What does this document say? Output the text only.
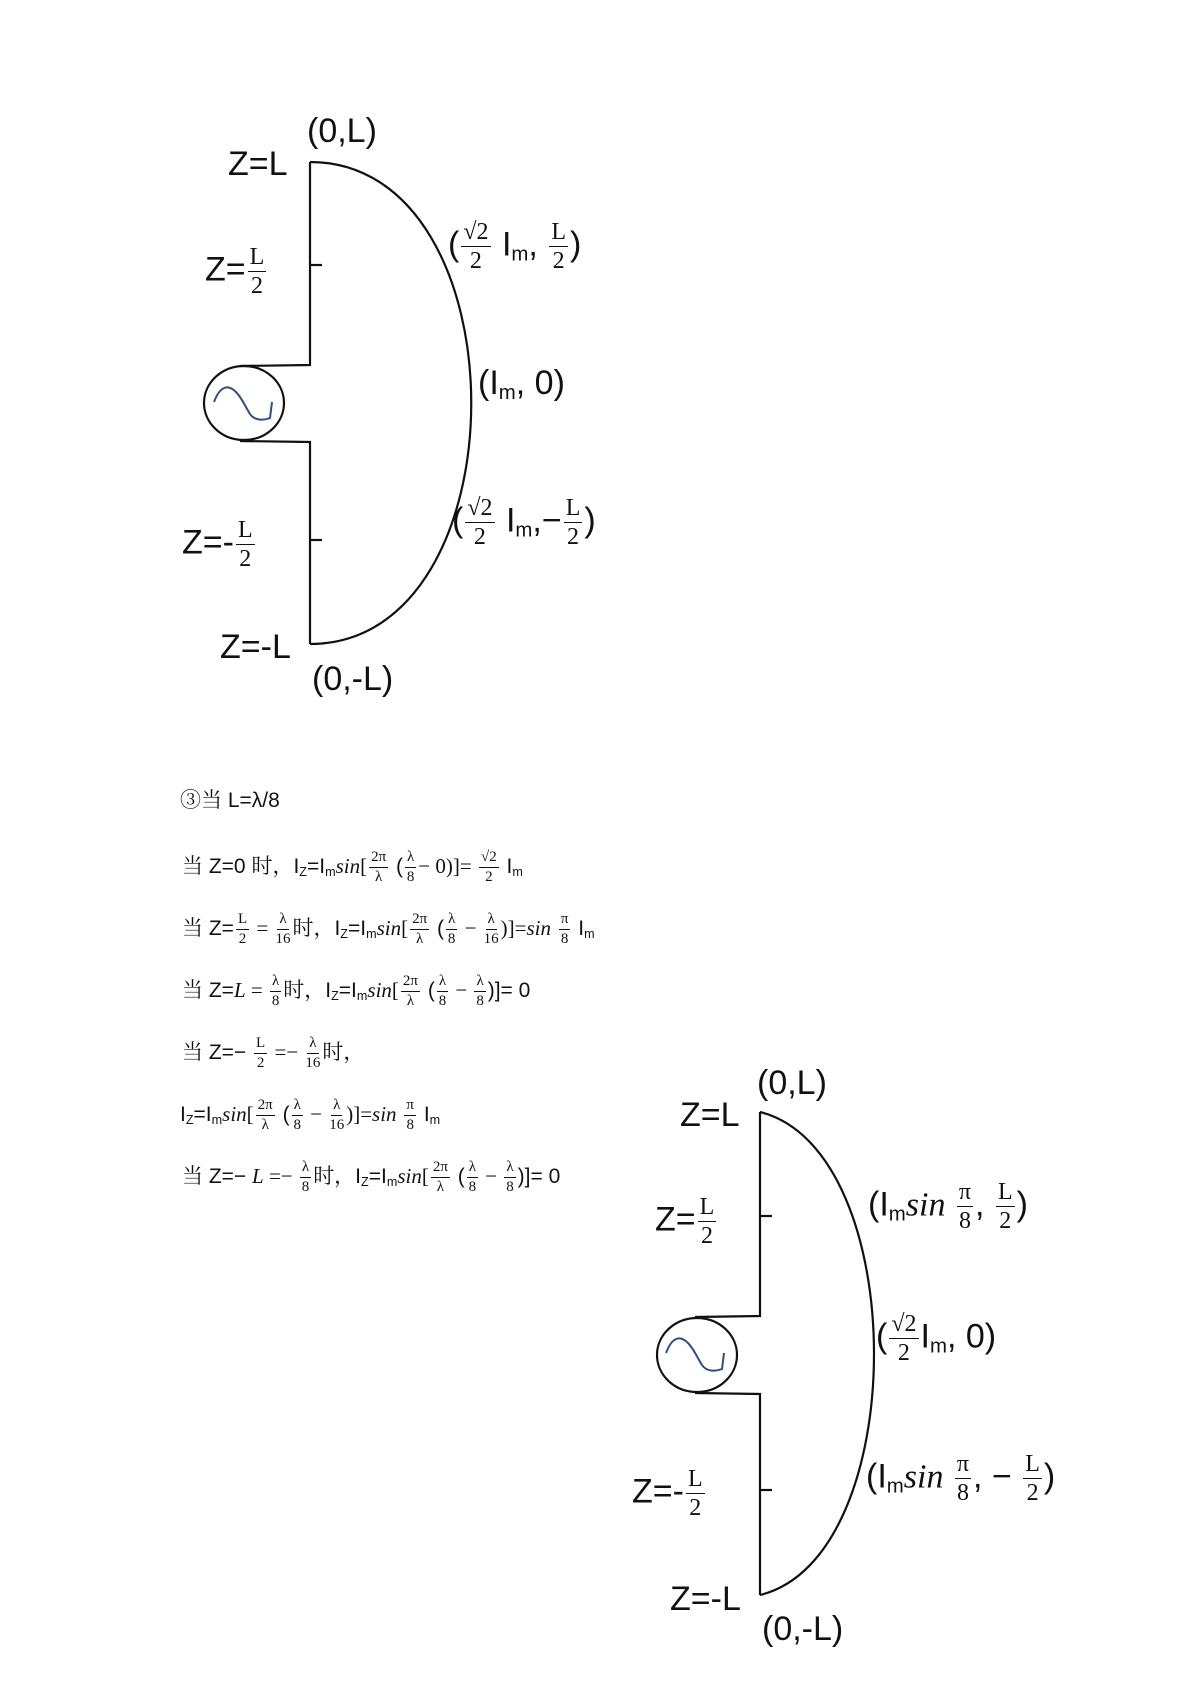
(0,L)
Z=L
$Z= \frac{L}{2}$
( $\frac{√2}{2} I_m$, $\frac{L}{2}$ )
($I_m$, 0)
$Z=- \frac{L}{2}$	( $\frac{√2}{2} I_m,- \frac{L}{2}$ )
Z=-L
(0,-L)
③当 L=λ/8
当 Z=0 时，$I_Z=I_m\sin[ \frac{2\pi}{\lambda}$ ( $\frac{\lambda}{8} - 0)]= \frac{√2}{2} I_m$
当 $Z= \frac{L}{2} = \frac{\lambda}{16}$ 时，$I_Z=I_m\sin[ \frac{2\pi}{\lambda}$ ( $\frac{\lambda}{8} - \frac{\lambda}{16} )]=\sin \frac{\pi}{8} I_m$
当 $Z=L = \frac{\lambda}{8}$ 时，$I_Z=I_m\sin[ \frac{2\pi}{\lambda}$ ( $\frac{\lambda}{8} - \frac{\lambda}{8}$ )]= 0
当 $Z=- \frac{L}{2} =- \frac{\lambda}{16}$ 时，
$I_Z=I_m\sin[ \frac{2\pi}{\lambda}$ ( $\frac{\lambda}{8} - \frac{\lambda}{16} )]=\sin \frac{\pi}{8} I_m$
当 $Z=- L =- \frac{\lambda}{8}$ 时，$I_Z=I_m\sin[ \frac{2\pi}{\lambda}$ ( $\frac{\lambda}{8} - \frac{\lambda}{8}$ )]= 0
(0,L)
Z=L
$Z= \frac{L}{2}$	($I_m\sin \frac{\pi}{8}$ , $\frac{L}{2}$ )
( $\frac{√2}{2} I_m$, 0)
$Z=- \frac{L}{2}$	($I_m\sin \frac{\pi}{8}$ , − $\frac{L}{2}$ )
Z=-L
(0,-L)
